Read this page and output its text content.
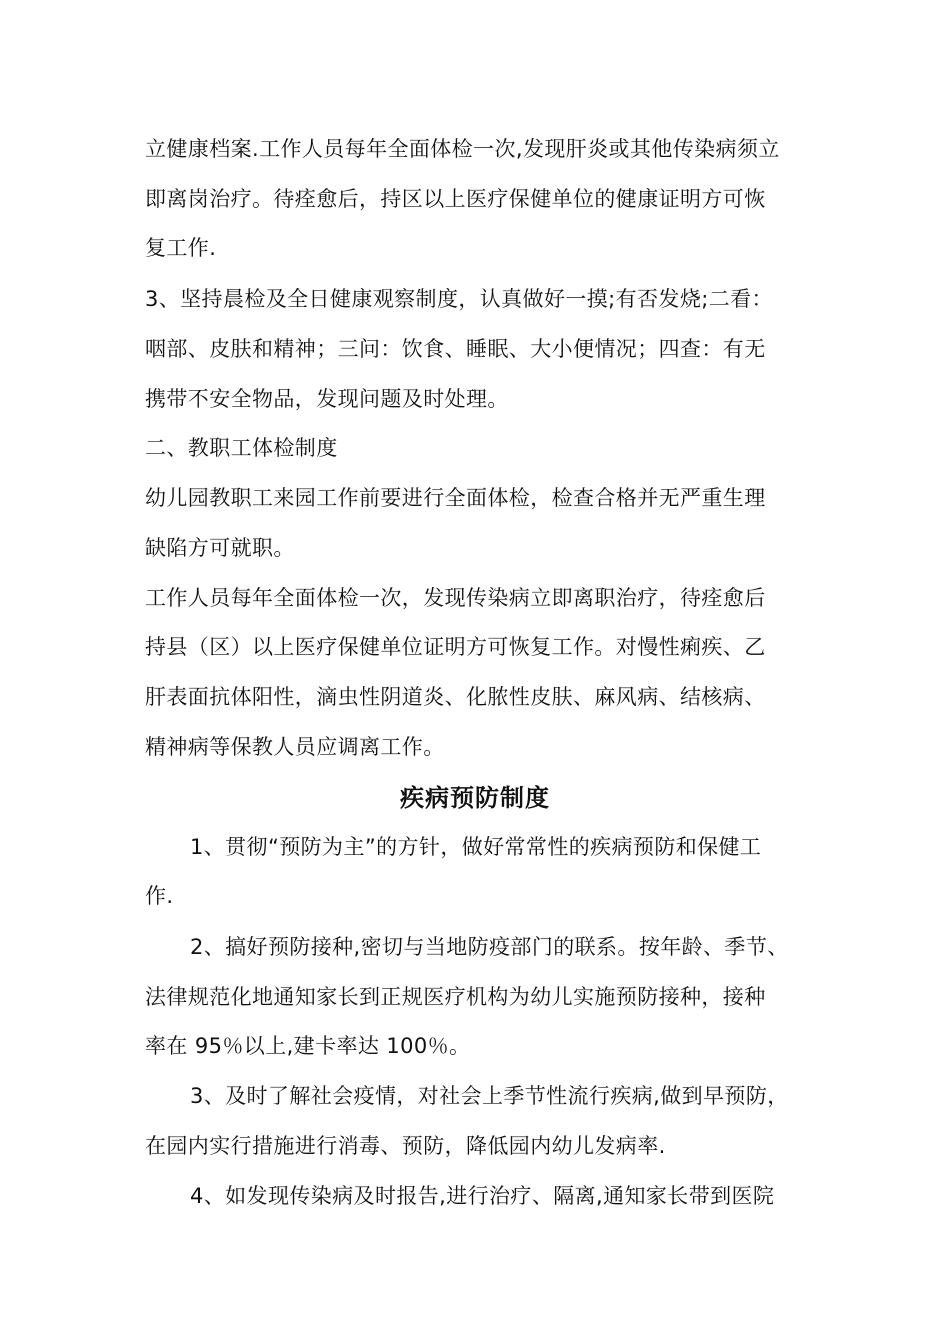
立健康档案.工作人员每年全面体检一次,发现肝炎或其他传染病须立
即离岗治疗。待痊愈后，持区以上医疗保健单位的健康证明方可恢
复工作.
3、坚持晨检及全日健康观察制度，认真做好一摸;有否发烧;二看：
咽部、皮肤和精神；三问：饮食、睡眠、大小便情况；四查：有无
携带不安全物品，发现问题及时处理。
二、教职工体检制度
幼儿园教职工来园工作前要进行全面体检，检查合格并无严重生理
缺陷方可就职。
工作人员每年全面体检一次，发现传染病立即离职治疗，待痊愈后
持县（区）以上医疗保健单位证明方可恢复工作。对慢性痢疾、乙
肝表面抗体阳性，滴虫性阴道炎、化脓性皮肤、麻风病、结核病、
精神病等保教人员应调离工作。
疾病预防制度
1、贯彻“预防为主”的方针，做好常常性的疾病预防和保健工
作.
2、搞好预防接种,密切与当地防疫部门的联系。按年龄、季节、
法律规范化地通知家长到正规医疗机构为幼儿实施预防接种，接种
率在 95％以上,建卡率达 100％。
3、及时了解社会疫情，对社会上季节性流行疾病,做到早预防，
在园内实行措施进行消毒、预防，降低园内幼儿发病率.
4、如发现传染病及时报告,进行治疗、隔离,通知家长带到医院
